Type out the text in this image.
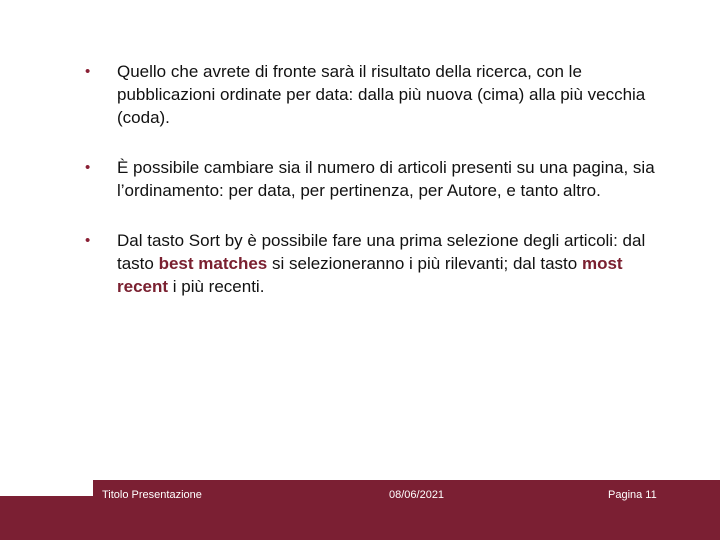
•	Quello che avrete di fronte sarà il risultato della ricerca, con le pubblicazioni ordinate per data: dalla più nuova (cima) alla più vecchia (coda).
•	È possibile cambiare sia il numero di articoli presenti su una pagina, sia l’ordinamento: per data, per pertinenza, per Autore, e tanto altro.
•	Dal tasto Sort by è possibile fare una prima selezione degli articoli: dal tasto best matches si selezioneranno i più rilevanti; dal tasto most recent i più recenti.
Titolo Presentazione	08/06/2021	Pagina 11
